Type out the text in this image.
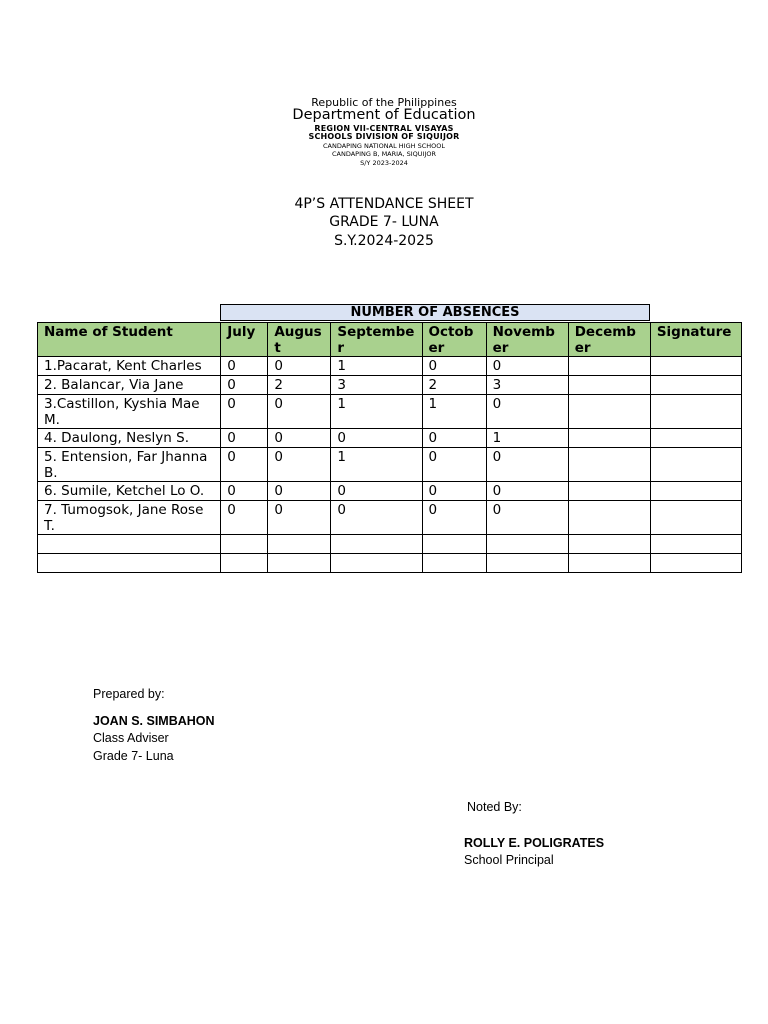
Republic of the Philippines
Department of Education
REGION VII-CENTRAL VISAYAS
SCHOOLS DIVISION OF SIQUIJOR
CANDAPING NATIONAL HIGH SCHOOL
CANDAPING B, MARIA, SIQUIJOR
S/Y 2023-2024
4P’S ATTENDANCE SHEET
GRADE 7- LUNA
S.Y.2024-2025
NUMBER OF ABSENCES
Name of Student	July	August	September	October	November	December	Signature
1.Pacarat, Kent Charles	0	0	1	0	0		
2. Balancar, Via Jane	0	2	3	2	3		
3.Castillon, Kyshia Mae M.	0	0	1	1	0		
4. Daulong, Neslyn S.	0	0	0	0	1		
5. Entension, Far Jhanna B.	0	0	1	0	0		
6. Sumile, Ketchel Lo O.	0	0	0	0	0		
7. Tumogsok, Jane Rose T.	0	0	0	0	0		

Prepared by:
JOAN S. SIMBAHON
Class Adviser
Grade 7- Luna
Noted By:
ROLLY E. POLIGRATES
School Principal
